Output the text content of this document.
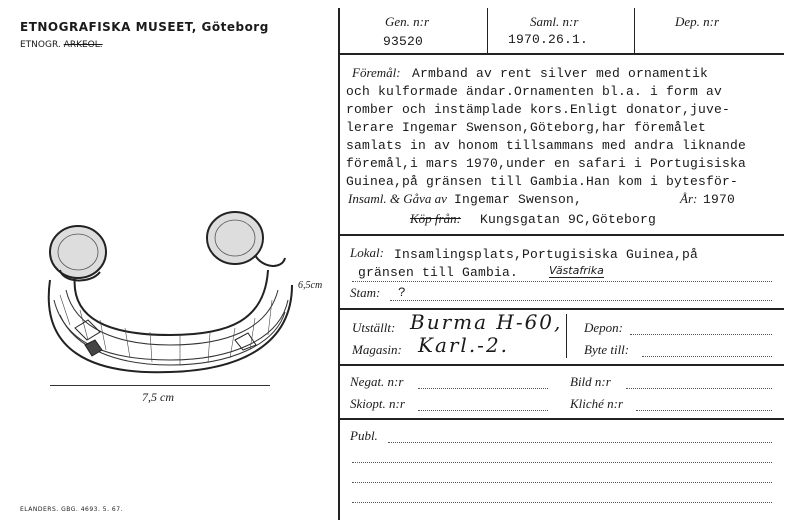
ETNOGRAFISKA MUSEET, Göteborg
ETNOGR. ARKEOL.
6,5cm
7,5 cm
ELANDERS. GBG. 4693. 5. 67.
Gen. n:r
93520
Saml. n:r
1970.26.1.
Dep. n:r
Föremål: Armband av rent silver med ornamentik
och kulformade ändar.Ornamenten bl.a. i form av
romber och instämplade kors.Enligt donator,juve-
lerare Ingemar Swenson,Göteborg,har föremålet
samlats in av honom tillsammans med andra liknande
föremål,i mars 1970,under en safari i Portugisiska
Guinea,på gränsen till Gambia.Han kom i bytesför-
Insaml. & Gåva av Ingemar Swenson,	År: 1970
Köp från: Kungsgatan 9C,Göteborg
Lokal: Insamlingsplats,Portugisiska Guinea,på
gränsen till Gambia.	Västafrika
Stam: ?
Utställt: Burma H-60,
Magasin: Karl.-2.
Depon:
Byte till:
Negat. n:r	Bild n:r
Skiopt. n:r	Kliché n:r
Publ.
